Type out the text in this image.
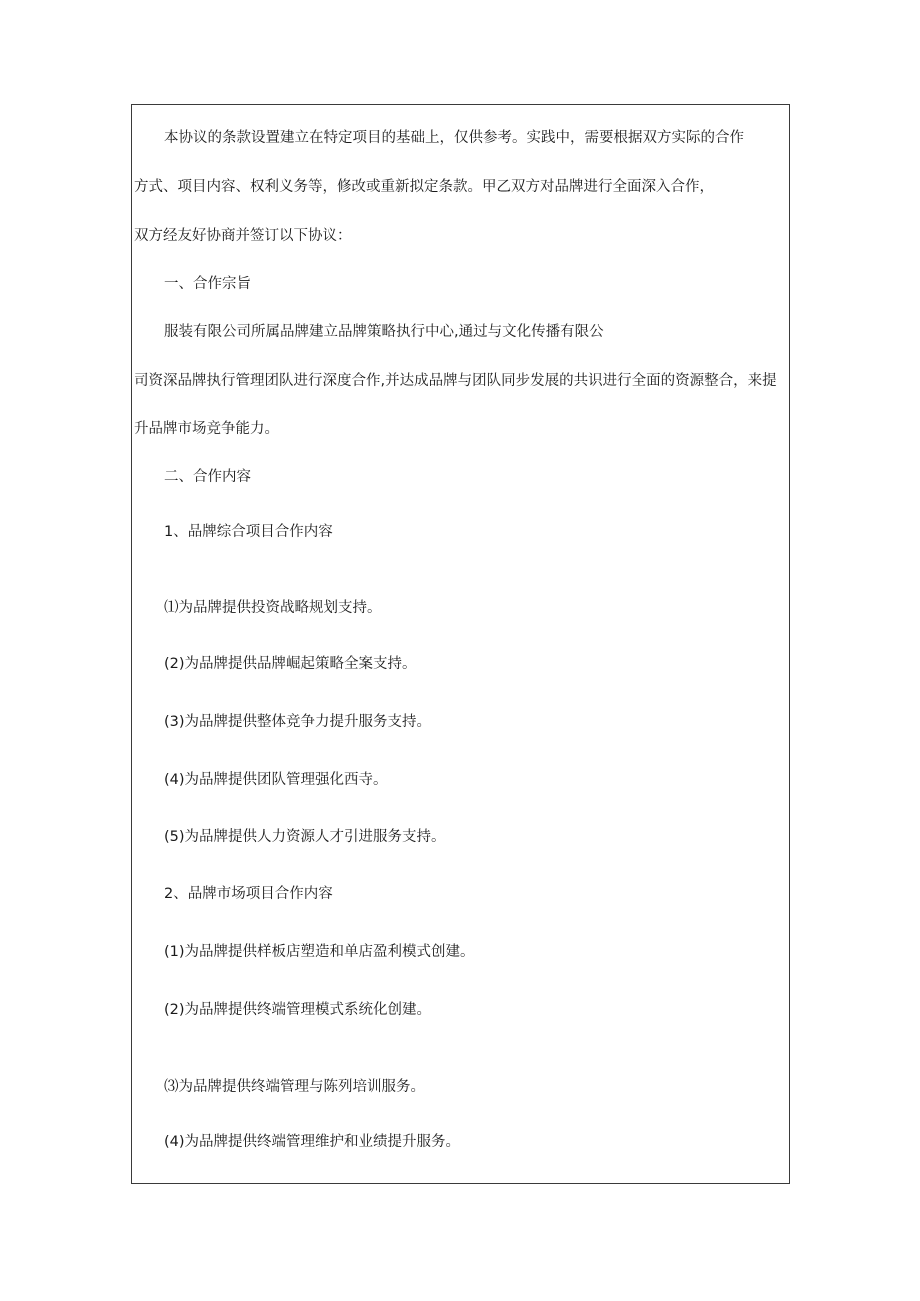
本协议的条款设置建立在特定项目的基础上，仅供参考。实践中，需要根据双方实际的合作
方式、项目内容、权利义务等，修改或重新拟定条款。甲乙双方对品牌进行全面深入合作，
双方经友好协商并签订以下协议：
一、合作宗旨
服装有限公司所属品牌建立品牌策略执行中心,通过与文化传播有限公
司资深品牌执行管理团队进行深度合作,并达成品牌与团队同步发展的共识进行全面的资源整合，来提
升品牌市场竞争能力。
二、合作内容
1、品牌综合项目合作内容
⑴为品牌提供投资战略规划支持。
(2)为品牌提供品牌崛起策略全案支持。
(3)为品牌提供整体竞争力提升服务支持。
(4)为品牌提供团队管理强化西寺。
(5)为品牌提供人力资源人才引进服务支持。
2、品牌市场项目合作内容
(1)为品牌提供样板店塑造和单店盈利模式创建。
(2)为品牌提供终端管理模式系统化创建。
⑶为品牌提供终端管理与陈列培训服务。
(4)为品牌提供终端管理维护和业绩提升服务。
